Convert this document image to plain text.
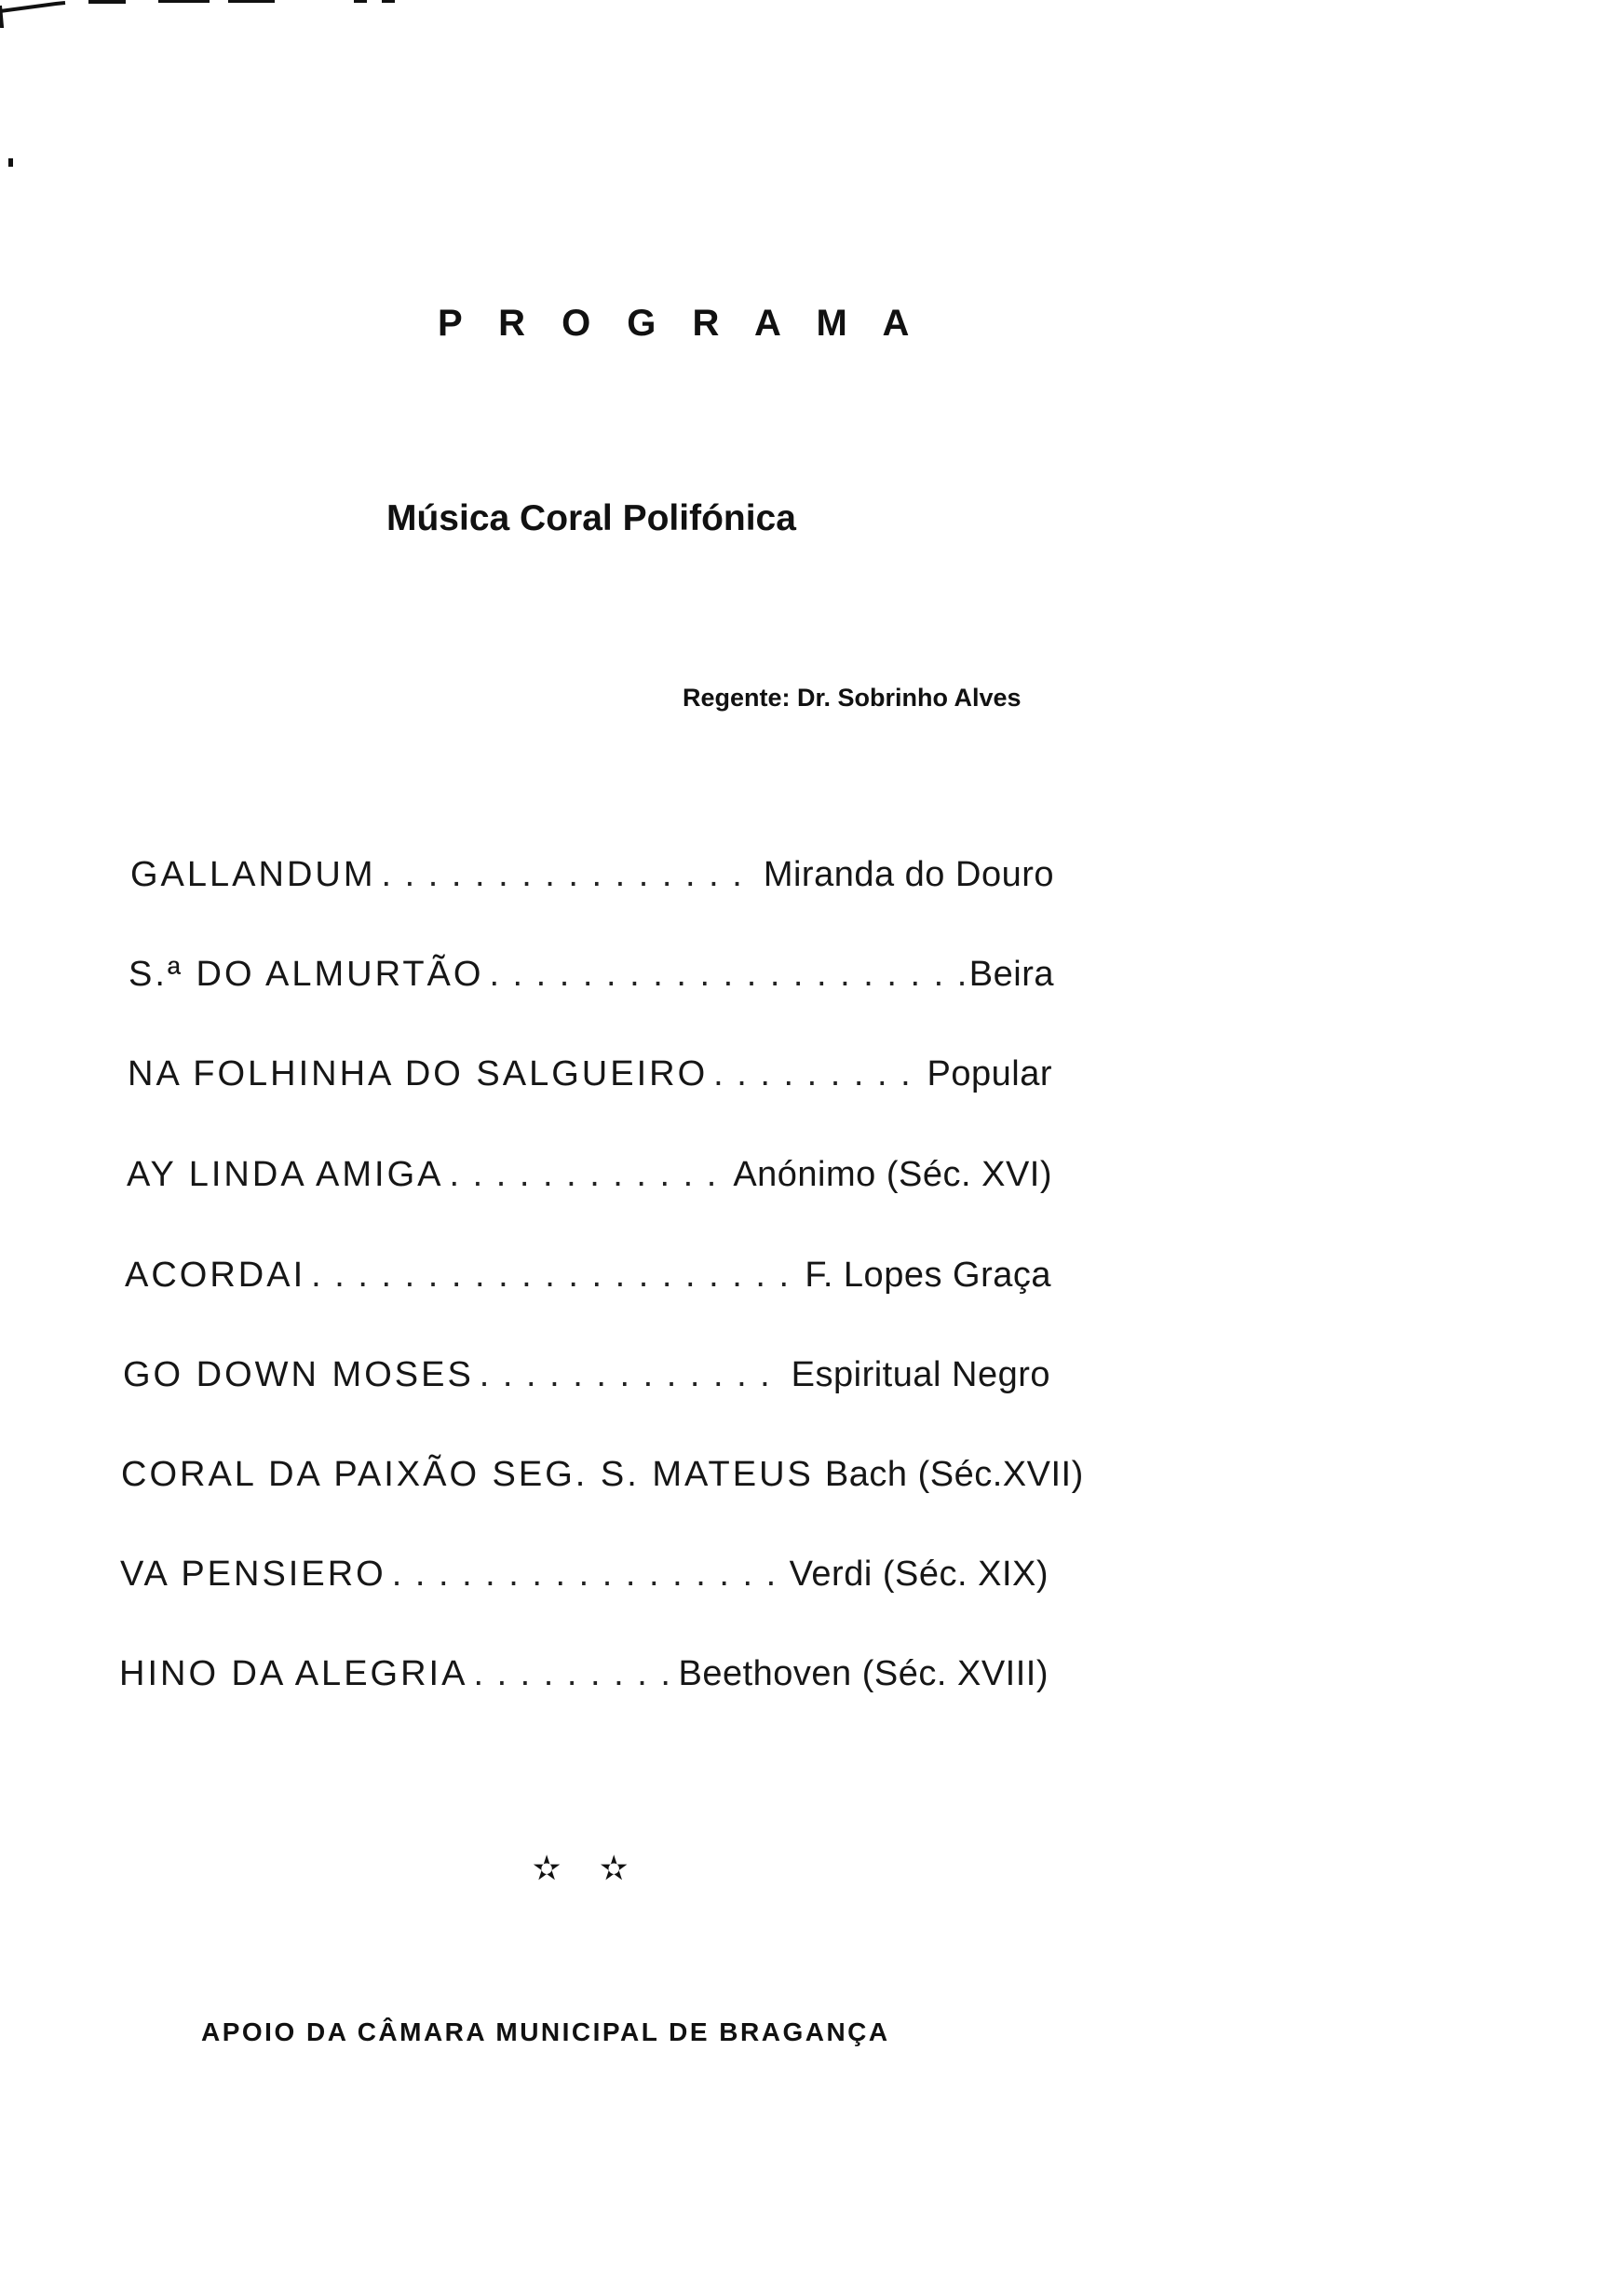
P R O G R A M A
Música Coral Polifónica
Regente: Dr. Sobrinho Alves
GALLANDUM . . .	Miranda do Douro
S.ª DO ALMURTÃO . . .	Beira
NA FOLHINHA DO SALGUEIRO . . .	Popular
AY LINDA AMIGA . . .	Anónimo (Séc. XVI)
ACORDAI . . .	F. Lopes Graça
GO DOWN MOSES . . .	Espiritual Negro
CORAL DA PAIXÃO SEG. S. MATEUS Bach (Séc.XVII)
VA PENSIERO . . .	Verdi (Séc. XIX)
HINO DA ALEGRIA . . .	Beethoven (Séc. XVIII)
✫ ✫
APOIO DA CÂMARA MUNICIPAL DE BRAGANÇA
